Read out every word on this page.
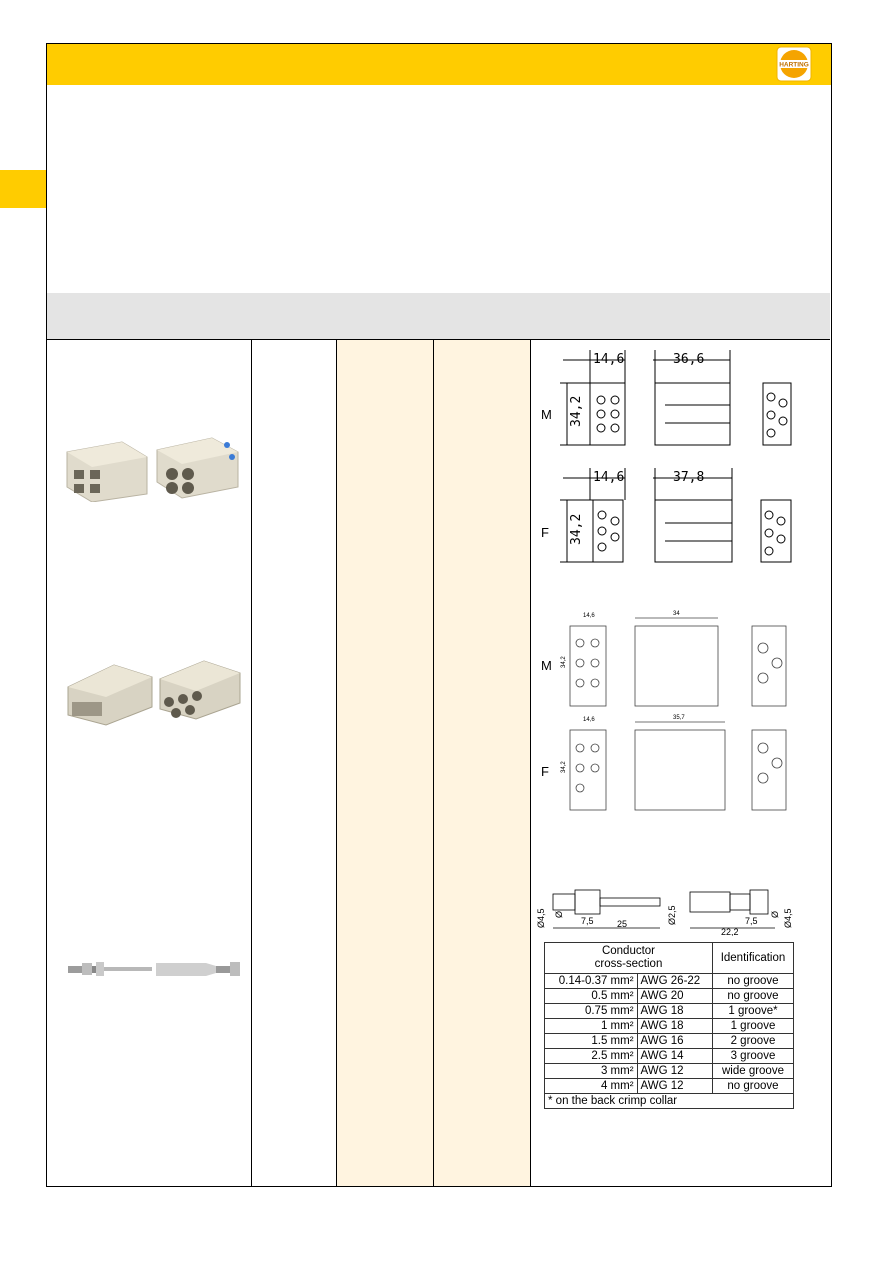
HARTING
M
F
14,6	36,6
34,2
14,6	37,8
34,2
M
F
14,6	34
34,2
14,6	35,7
34,2
Ø4,5 Ø
7,5	25	Ø2,5
22,2
7,5
Ø Ø4,5
Conductor
cross-section		Identification
0.14-0.37 mm²	AWG 26-22	no groove
0.5 mm²	AWG 20	no groove
0.75 mm²	AWG 18	1 groove*
1 mm²	AWG 18	1 groove
1.5 mm²	AWG 16	2 groove
2.5 mm²	AWG 14	3 groove
3 mm²	AWG 12	wide groove
4 mm²	AWG 12	no groove
* on the back crimp collar		
